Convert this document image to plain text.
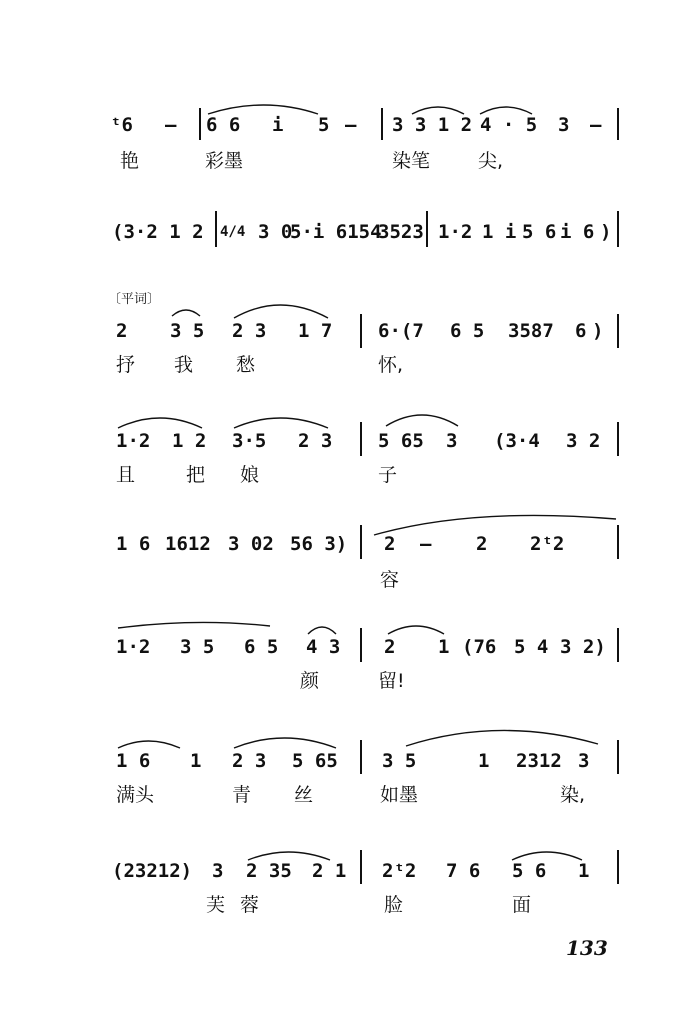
ᵗ6 — 6 6 i 5 — 3 3 1 2 4 · 5 3 —
艳	彩墨	染笔	尖,
(3·2 1 2 4/4 3 0
5·i 6154
3523 1·2 1 i 5 6 i 6 )
〔平词〕
2 3 5 2 3 1 7 6·(7 6 5 3587 6 )
抒 我 愁	怀,
1·2 1 2 3·5 2 3 5 65 3 (3·4 3 2
且	把 娘	子
1 6 1612 3 02 56 3) 2 — 2 2ᵗ2
容
1·2 3 5 6 5 4 3 2 1 (76 5 4 3 2)
颜	留!
1 6 1 2 3 5 65 3 5	1 2312 3
满头	青 丝	如墨	染,
(23212) 3 2 35 2 1 2ᵗ2 7 6 5 6 1
芙 蓉	脸	面
133
